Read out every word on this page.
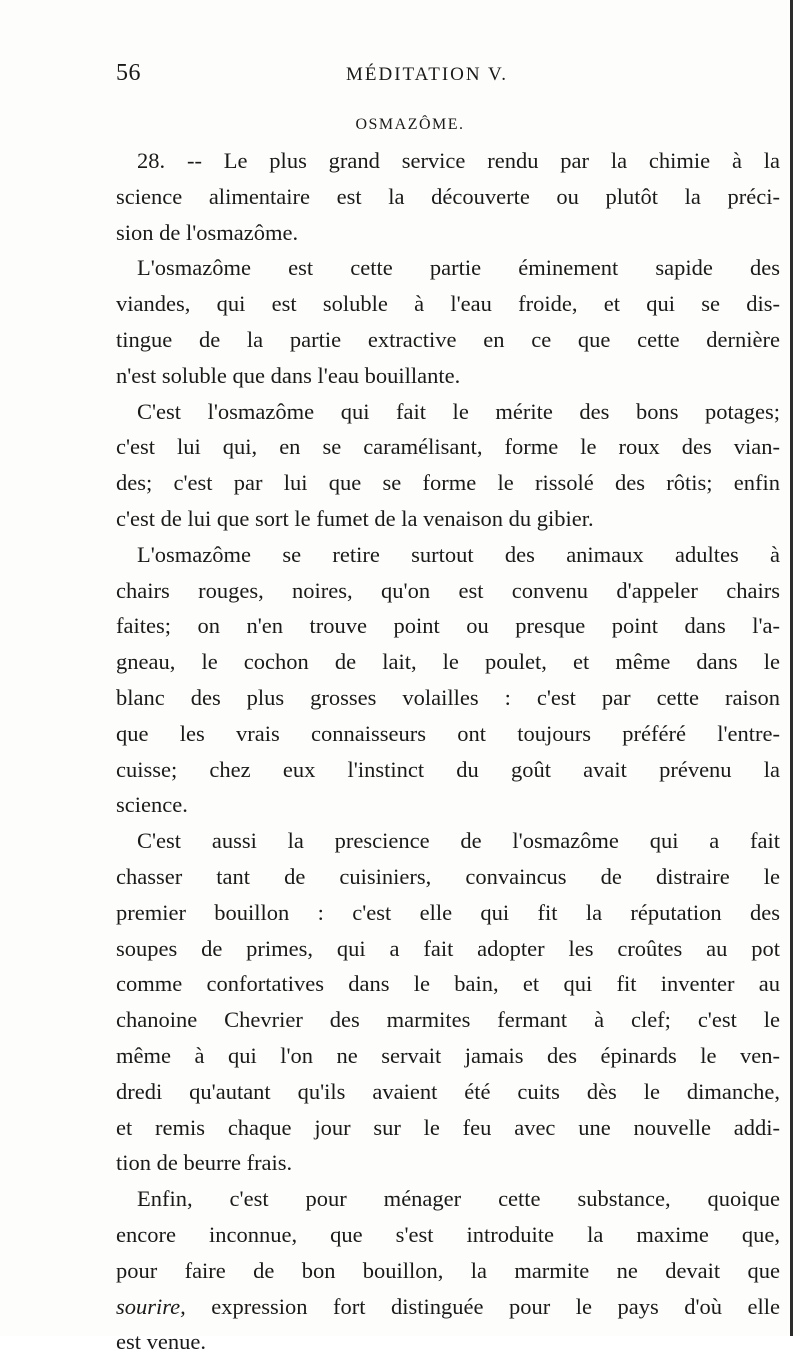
56	MÉDITATION V.
OSMAZÔME.
28. -- Le plus grand service rendu par la chimie à la
science alimentaire est la découverte ou plutôt la préci-
sion de l'osmazôme.
L'osmazôme est cette partie éminement sapide des
viandes, qui est soluble à l'eau froide, et qui se dis-
tingue de la partie extractive en ce que cette dernière
n'est soluble que dans l'eau bouillante.
C'est l'osmazôme qui fait le mérite des bons potages;
c'est lui qui, en se caramélisant, forme le roux des vian-
des; c'est par lui que se forme le rissolé des rôtis; enfin
c'est de lui que sort le fumet de la venaison du gibier.
L'osmazôme se retire surtout des animaux adultes à
chairs rouges, noires, qu'on est convenu d'appeler chairs
faites; on n'en trouve point ou presque point dans l'a-
gneau, le cochon de lait, le poulet, et même dans le
blanc des plus grosses volailles : c'est par cette raison
que les vrais connaisseurs ont toujours préféré l'entre-
cuisse; chez eux l'instinct du goût avait prévenu la
science.
C'est aussi la prescience de l'osmazôme qui a fait
chasser tant de cuisiniers, convaincus de distraire le
premier bouillon : c'est elle qui fit la réputation des
soupes de primes, qui a fait adopter les croûtes au pot
comme confortatives dans le bain, et qui fit inventer au
chanoine Chevrier des marmites fermant à clef; c'est le
même à qui l'on ne servait jamais des épinards le ven-
dredi qu'autant qu'ils avaient été cuits dès le dimanche,
et remis chaque jour sur le feu avec une nouvelle addi-
tion de beurre frais.
Enfin, c'est pour ménager cette substance, quoique
encore inconnue, que s'est introduite la maxime que,
pour faire de bon bouillon, la marmite ne devait que
sourire, expression fort distinguée pour le pays d'où elle
est venue.
